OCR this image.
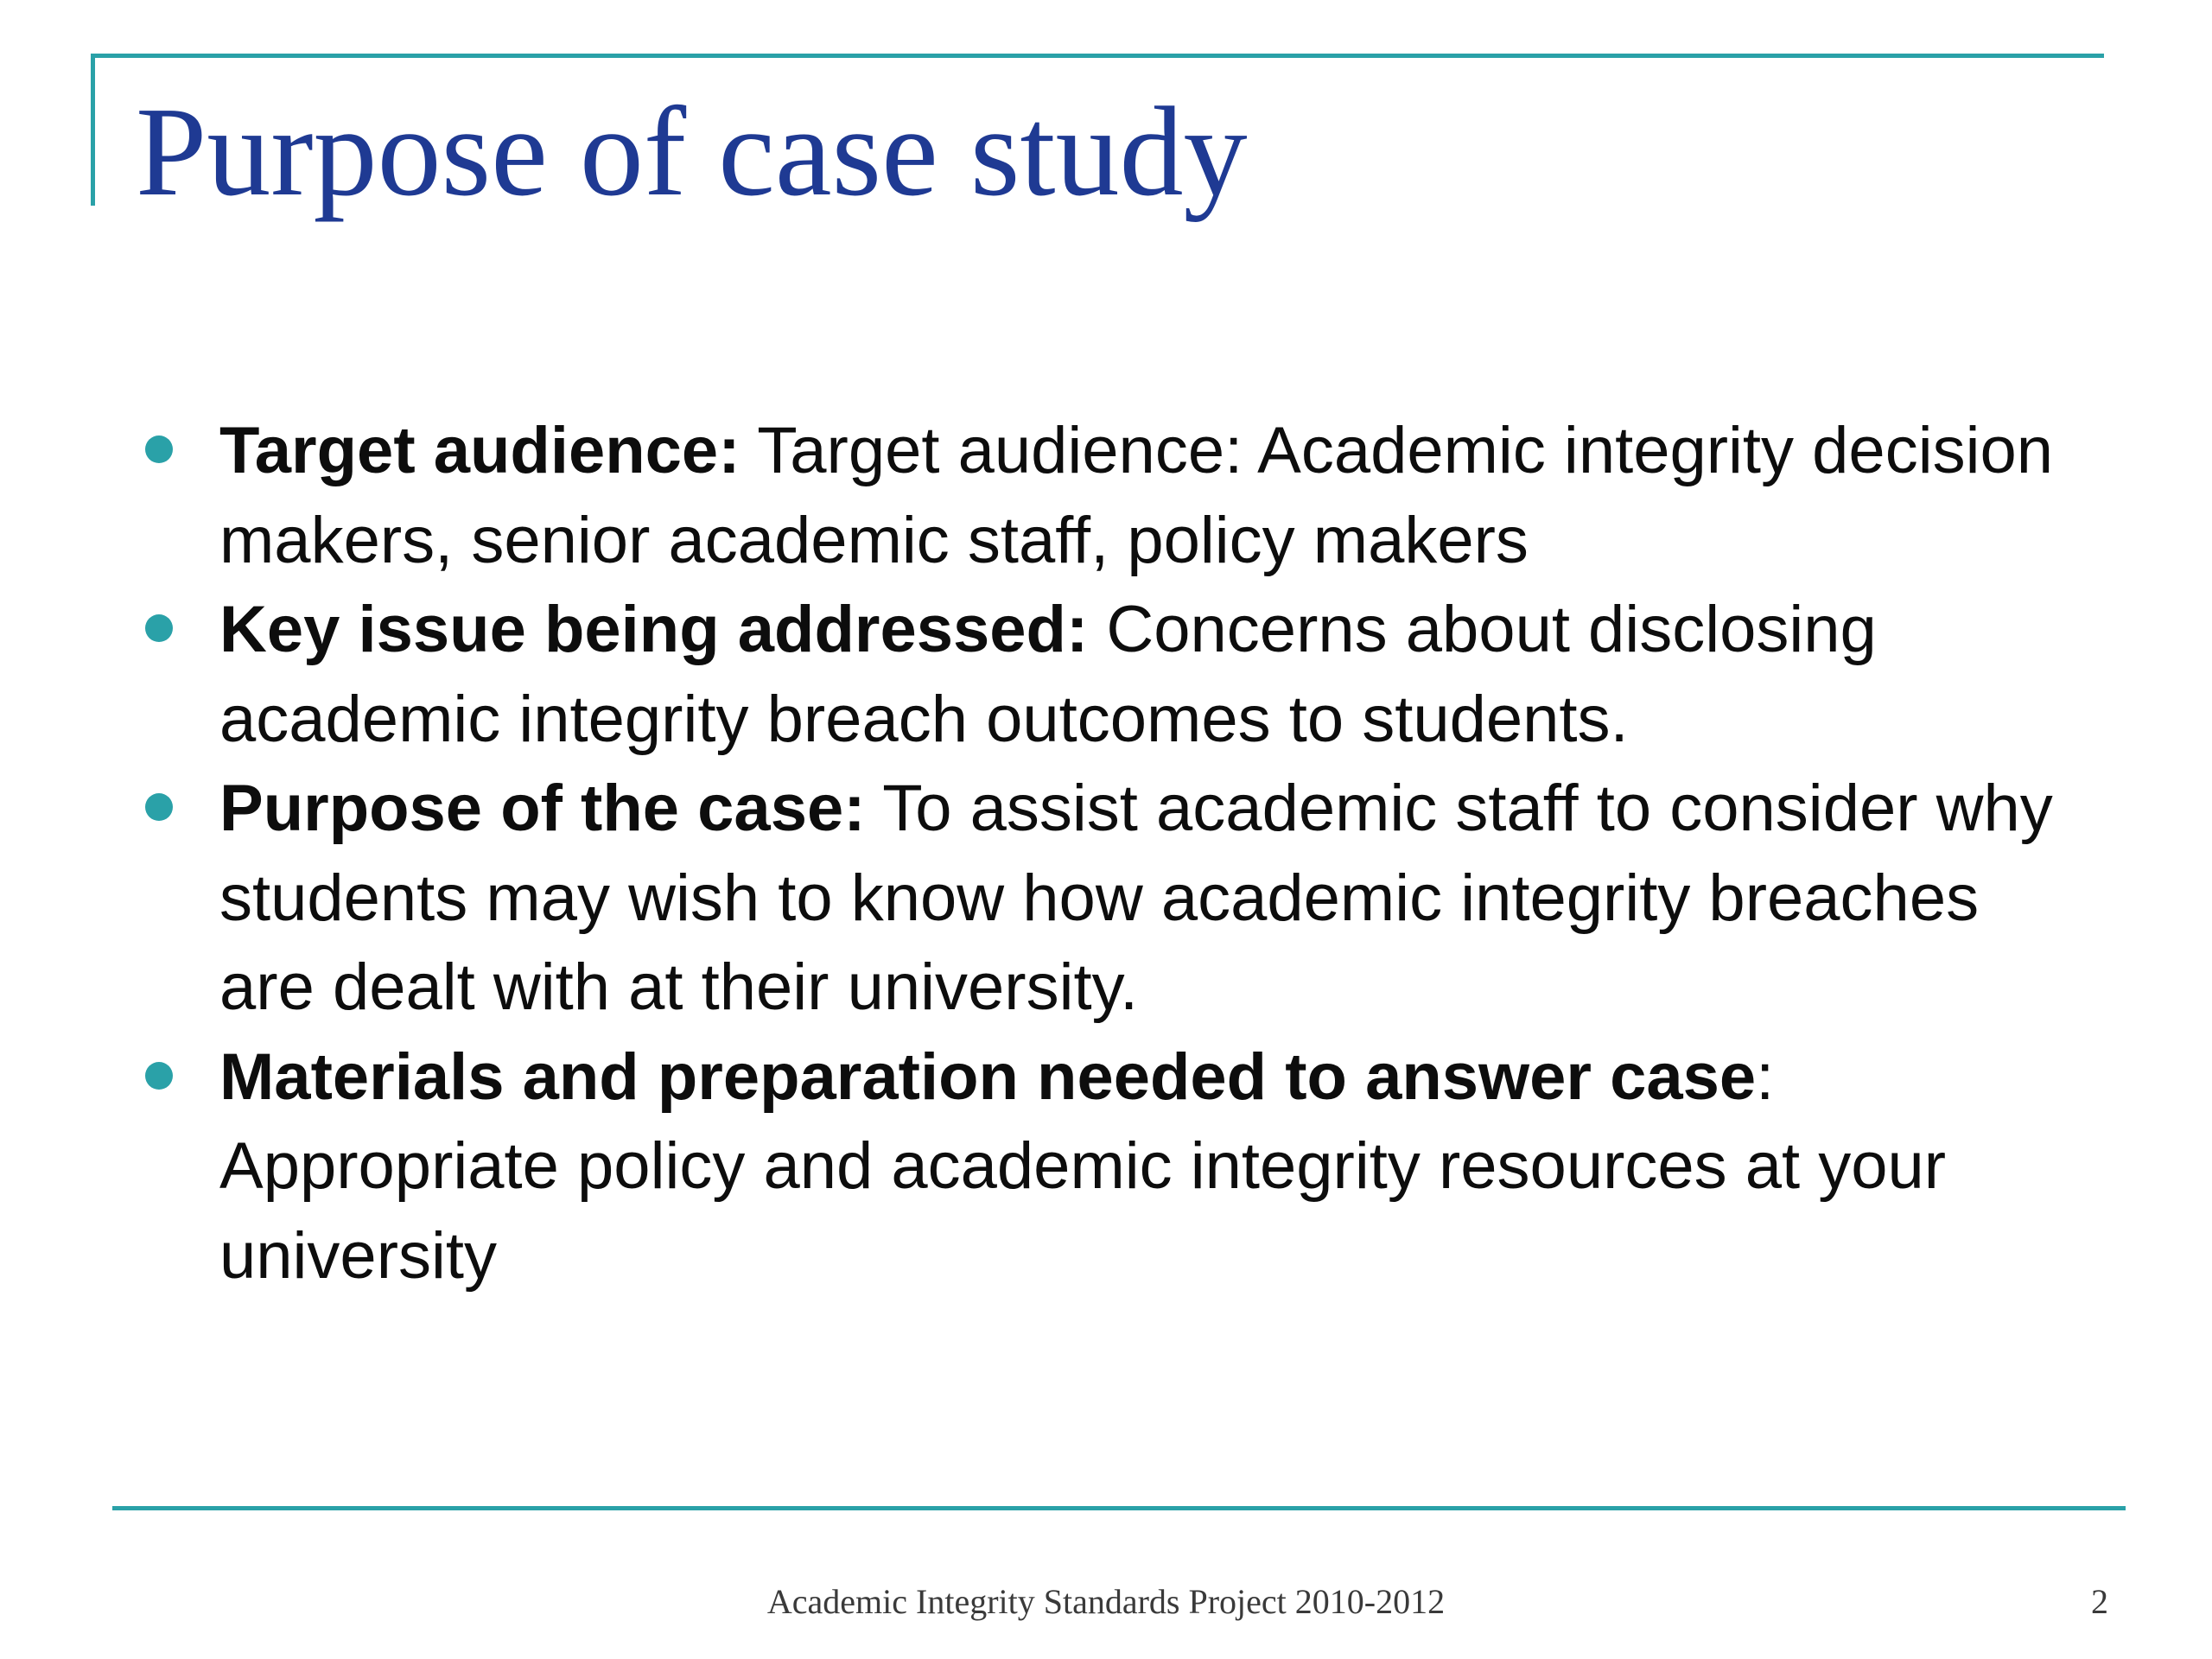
Purpose of case study
Target audience: Target audience: Academic integrity decision makers, senior academic staff, policy makers
Key issue being addressed: Concerns about disclosing academic integrity breach outcomes to students.
Purpose of the case: To assist academic staff to consider why students may wish to know how academic integrity breaches are dealt with at their university.
Materials and preparation needed to answer case: Appropriate policy and academic integrity resources at your university

Academic Integrity Standards Project 2010-2012	2
